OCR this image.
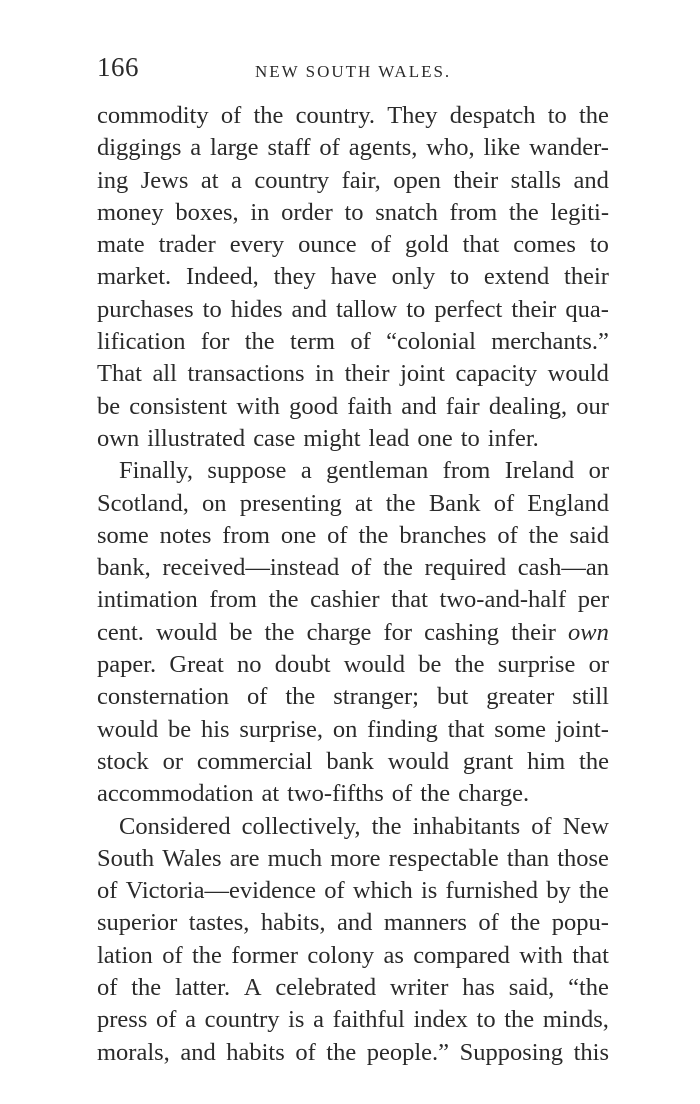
166	NEW SOUTH WALES.
commodity of the country. They despatch to the
diggings a large staff of agents, who, like wander-
ing Jews at a country fair, open their stalls and
money boxes, in order to snatch from the legiti-
mate trader every ounce of gold that comes to
market. Indeed, they have only to extend their
purchases to hides and tallow to perfect their qua-
lification for the term of “colonial merchants.”
That all transactions in their joint capacity would
be consistent with good faith and fair dealing, our
own illustrated case might lead one to infer.
Finally, suppose a gentleman from Ireland or
Scotland, on presenting at the Bank of England
some notes from one of the branches of the said
bank, received—instead of the required cash—an
intimation from the cashier that two-and-half per
cent. would be the charge for cashing their own
paper. Great no doubt would be the surprise or
consternation of the stranger; but greater still
would be his surprise, on finding that some joint-
stock or commercial bank would grant him the
accommodation at two-fifths of the charge.
Considered collectively, the inhabitants of New
South Wales are much more respectable than those
of Victoria—evidence of which is furnished by the
superior tastes, habits, and manners of the popu-
lation of the former colony as compared with that
of the latter. A celebrated writer has said, “the
press of a country is a faithful index to the minds,
morals, and habits of the people.” Supposing this
